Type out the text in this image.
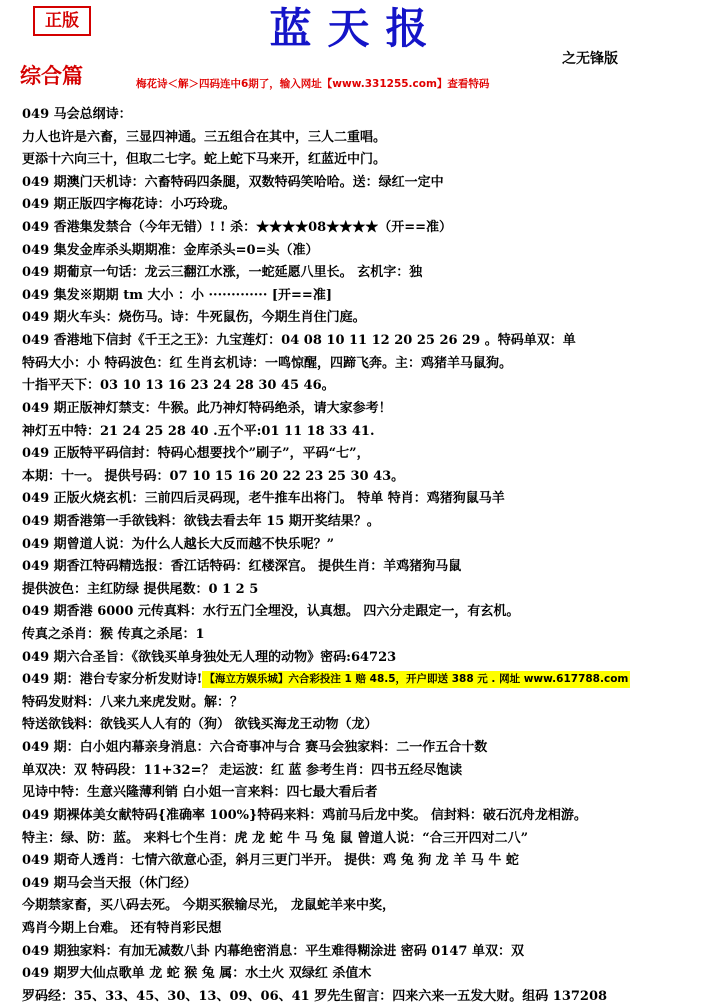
正版	蓝天报
之无锋版
综合篇	梅花诗＜解＞四码连中6期了，输入网址【www.331255.com】查看特码
049 马会总纲诗：
力人也许是六畜，三显四神通。三五组合在其中，三人二重唱。
更添十六向三十，但取二七字。蛇上蛇下马来开，红蓝近中门。
049 期澳门天机诗：六畜特码四条腿，双数特码笑哈哈。送：绿红一定中
049 期正版四字梅花诗：小巧玲珑。
049 香港集发禁合（今年无错）! ! 杀：★★★★08★★★★（开==准）
049 集发金库杀头期期准：金库杀头=0=头（准）
049 期葡京一句话：龙云三翻江水涨，一蛇延愿八里长。 玄机字：独
049 集发※期期 tm 大小 ：小 ············· [开==准]
049 期火车头：烧伤马。诗：牛死鼠伤，今期生肖住门庭。
049 香港地下信封《千王之王》：九宝莲灯：04 08 10 11 12 20 25 26 29 。特码单双：单
特码大小：小 特码波色：红 生肖玄机诗：一鸣惊醒，四蹄飞奔。主：鸡猪羊马鼠狗。
十指平天下：03 10 13 16 23 24 28 30 45 46。
049 期正版神灯禁支：牛猴。此乃神灯特码绝杀，请大家参考！
神灯五中特：21 24 25 28 40 .五个平:01 11 18 33 41.
049 正版特平码信封：特码心想要找个”刷子”，平码“七”，
本期：十一。 提供号码：07 10 15 16 20 22 23 25 30 43。
049 正版火烧玄机：三前四后灵码现，老牛推车出将门。 特单 特肖：鸡猪狗鼠马羊
049 期香港第一手欲钱料：欲钱去看去年 15 期开奖结果？。
049 期曾道人说：为什么人越长大反而越不快乐呢？”
049 期香江特码精选报：香江话特码：红楼深宫。 提供生肖：羊鸡猪狗马鼠
提供波色：主红防绿 提供尾数：0 1 2 5
049 期香港 6000 元传真料：水行五门全埋没，认真想。 四六分走跟定一，有玄机。
传真之杀肖：猴 传真之杀尾：1
049 期六合圣旨：《欲钱买单身独处无人理的动物》密码:64723
049 期：港台专家分析发财诗! 【海立方娱乐城】六合彩投注 1 赔 48.5，开户即送 388 元 . 网址 www.617788.com
特码发财料：八来九来虎发财。解：？
特送欲钱料：欲钱买人人有的（狗） 欲钱买海龙王动物（龙）
049 期：白小姐内幕亲身消息：六合奇事冲与合 赛马会独家料：二一作五合十数
单双决：双 特码段：11+32=？ 走运波：红 蓝 参考生肖：四书五经尽饱读
见诗中特：生意兴隆薄利销 白小姐一言来料：四七最大看后者
049 期裸体美女献特码{准确率 100%}特码来料：鸡前马后龙中奖。 信封料：破石沉舟龙相游。
特主：绿、防：蓝。 来料七个生肖：虎 龙 蛇 牛 马 兔 鼠 曾道人说：“合三开四对二八”
049 期奇人透肖：七情六欲意心歪，斜月三更门半开。 提供：鸡 兔 狗 龙 羊 马 牛 蛇
049 期马会当天报（休门经）
今期禁家畜，买八码去死。 今期买猴输尽光， 龙鼠蛇羊来中奖，
鸡肖今期上台难。 还有特肖彩民想
049 期独家料：有加无减数八卦 内幕绝密消息：平生难得糊涂进 密码 0147 单双：双
049 期罗大仙点歌单 龙 蛇 猴 兔 属：水土火 双绿红 杀值木
罗码经：35、33、45、30、13、09、06、41 罗先生留言：四来六来一五发大财。组码 137208
